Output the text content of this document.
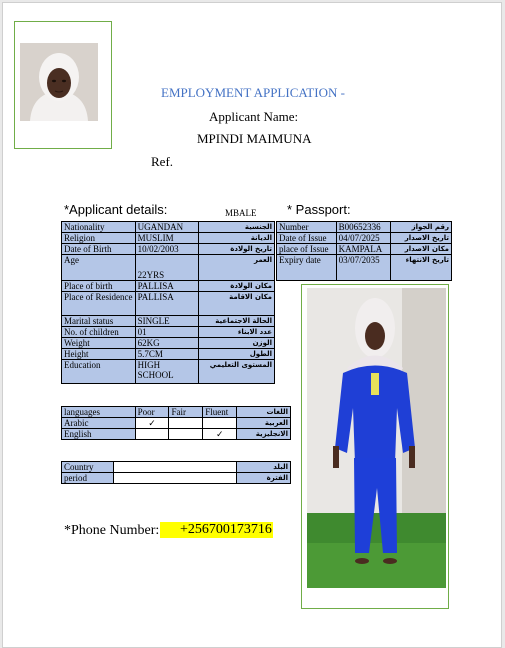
EMPLOYMENT APPLICATION -
Applicant Name:
MPINDI MAIMUNA
Ref.
*Applicant details:	MBALE * Passport:
Nationality	UGANDAN	الجنسية
Religion	MUSLIM	الديانة
Date of Birth	10/02/2003	تاريخ الولادة
Age	22YRS	العمر
Place of birth	PALLISA	مكان الولادة
Place of Residence	PALLISA	مكان الاقامة
Marital status	SINGLE	الحالة الاجتماعية
No. of children	01	عدد الابناء
Weight	62KG	الوزن
Height	5.7CM	الطول
Education	HIGH SCHOOL	المستوى التعليمي
Number	B00652336	رقم الجواز
Date of Issue	04/07/2025	تاريخ الاصدار
place of Issue	KAMPALA	مكان الاصدار
Expiry date	03/07/2035	تاريخ الانتهاء
languages	Poor	Fair	Fluent	اللغات
Arabic	✓			العربية
English			✓	الانجليزية
Country		البلد
period		الفترة
*Phone Number:	+256700173716
